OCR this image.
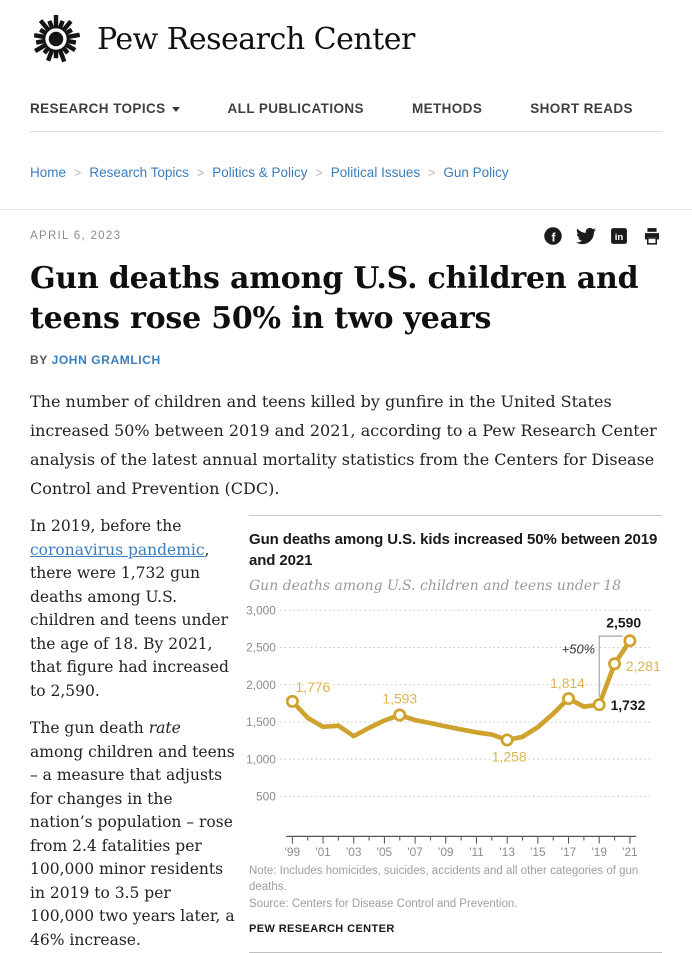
Pew Research Center
RESEARCH TOPICS	ALL PUBLICATIONS	METHODS	SHORT READS
Home > Research Topics > Politics & Policy > Political Issues > Gun Policy
APRIL 6, 2023	f	in
Gun deaths among U.S. children and teens rose 50% in two years
BY JOHN GRAMLICH

The number of children and teens killed by gunfire in the United States increased 50% between 2019 and 2021, according to a Pew Research Center analysis of the latest annual mortality statistics from the Centers for Disease Control and Prevention (CDC).

In 2019, before the coronavirus pandemic, there were 1,732 gun deaths among U.S. children and teens under the age of 18. By 2021, that figure had increased to 2,590.

The gun death rate among children and teens – a measure that adjusts for changes in the nation’s population – rose from 2.4 fatalities per 100,000 minor residents in 2019 to 3.5 per 100,000 two years later, a 46% increase.

Gun deaths among U.S. kids increased 50% between 2019 and 2021
Gun deaths among U.S. children and teens under 18
3,000
2,500
2,000
1,500
1,000
500
'99 '01 '03 '05 '07 '09 '11 '13 '15 '17 '19 '21
+50%
1,776
1,593
1,258
1,814
1,732
2,281
2,590
Note: Includes homicides, suicides, accidents and all other categories of gun deaths.
Source: Centers for Disease Control and Prevention.
PEW RESEARCH CENTER
